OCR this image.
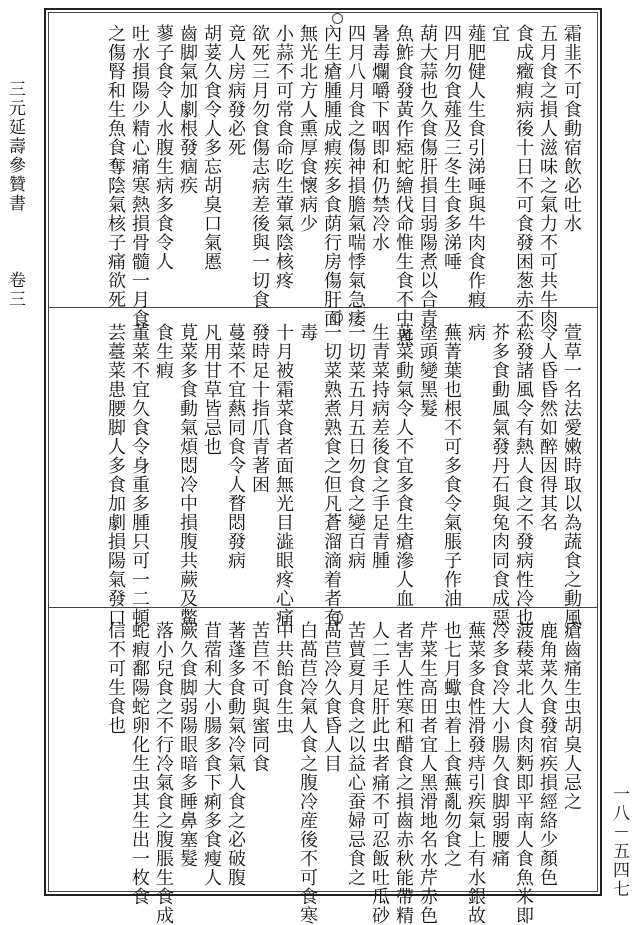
三元延壽參贊書  卷三
一八－五四七
霜韭不可食動宿飲必吐水
五月食之損人滋味之氣力不可共牛肉
食成癥瘕病後十日不可食發困葱赤不
宜
薤肥健人生食引涕唾與牛肉食作瘕
四月勿食薤及三冬生食多涕唾
葫大蒜也久食傷肝損目弱陽煮以合青
魚鮓食發黃作瘂蛇繪伐命惟生食不中煮
暑毒爛嚼下咽即和仍禁冷水
四月八月食之傷神損膽氣喘悸氣急痿
內生瘡腫腫成瘕疾多食荫行房傷肝面
無光北方人熏厚食懷病少
小蒜不可常食命吃生葷氣陰核疼
欲死三月勿食傷志病差後與一切食
竟人房病發必死
胡荽久食令人多忘胡臭口氣慝
齒脚氣加劇根發痼疾
蓼子食令人水腹生病多食令人
吐水損陽少精心痛寒熱損骨髓一月食
之傷腎和生魚食奪陰氣核子痛欲死
萱草一名法愛嫩時取以為蔬食之動風
令人昏昏然如醉因得其名
菘發諸風令有熱人食之不發病性冷也
芥多食動風氣發丹石與兔肉同食成惡
病
蕪菁葉也根不可多食令氣脹子作油
塗頭變黑髮
苋菜動氣令人不宜多食生瘡滲人血
生青菜持病差後食之手足青腫
一切菜五月五日勿食之變百病
一切菜熟煮熟食之但凡蒼溜滴着者有
毒
十月被霜菜食者面無光目澁眼疼心痛
發時足十指爪青著困
蔓菜不宜爇同食令人瞀悶發病
凡用甘草皆忌也
莧菜多食動氣煩悶冷中損腹共蕨及鱉
食生瘕
董菜不宜久食令身重多腫只可一二頓
芸薹菜患腰脚人多食加劇損陽氣發口
瘡齒痛生虫胡臭人忌之
鹿角菜久食發宿疾損經絡少顏色
菠薐菜北人食肉麪即平南人食魚米即
冷多食冷大小腸久食脚弱腰痛
蕪菜多食性滑發痔引疾氣上有水銀故
也七月蠍虫着上食蕪亂勿食之
芹菜生高田者宜人黑滑地名水芹赤色
者害人性寒和醋食之損齒赤秋能帶精
人二手足肝此虫者痛不可忍飯吐瓜砂
苦蕒夏月食之以益心蚕婦忌食之
萵苣冷久食昏人目
白萵苣冷氣人食之腹冷産後不可食寒
中共飴食生虫
苦苣不可與蜜同食
著蓬多食動氣冷氣人食之必破腹
苜蓿利大小腸多食下痢多食瘦人
蕨久食脚弱陽眼暗多睡鼻塞髮
落小兒食之不行冷氣食之腹脹生食成
蛇瘕鄱陽蛇卵化生虫其生出一枚食
信不可生食也
